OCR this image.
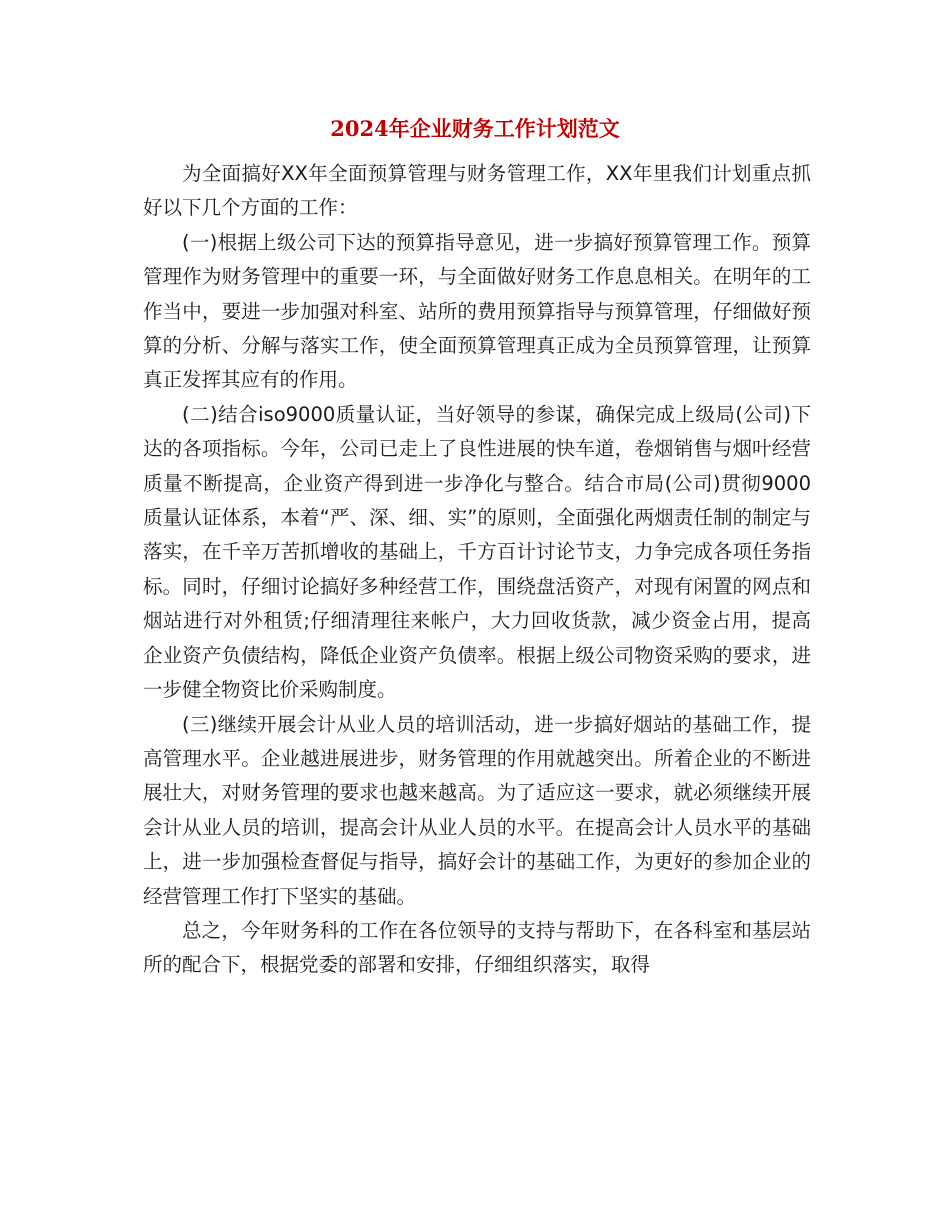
2024年企业财务工作计划范文

为全面搞好XX年全面预算管理与财务管理工作，XX年里我们计划重点抓好以下几个方面的工作：

(一)根据上级公司下达的预算指导意见，进一步搞好预算管理工作。预算管理作为财务管理中的重要一环，与全面做好财务工作息息相关。在明年的工作当中，要进一步加强对科室、站所的费用预算指导与预算管理，仔细做好预算的分析、分解与落实工作，使全面预算管理真正成为全员预算管理，让预算真正发挥其应有的作用。

(二)结合iso9000质量认证，当好领导的参谋，确保完成上级局(公司)下达的各项指标。今年，公司已走上了良性进展的快车道，卷烟销售与烟叶经营质量不断提高，企业资产得到进一步净化与整合。结合市局(公司)贯彻9000质量认证体系，本着“严、深、细、实”的原则，全面强化两烟责任制的制定与落实，在千辛万苦抓增收的基础上，千方百计讨论节支，力争完成各项任务指标。同时，仔细讨论搞好多种经营工作，围绕盘活资产，对现有闲置的网点和烟站进行对外租赁;仔细清理往来帐户，大力回收货款，减少资金占用，提高企业资产负债结构，降低企业资产负债率。根据上级公司物资采购的要求，进一步健全物资比价采购制度。

(三)继续开展会计从业人员的培训活动，进一步搞好烟站的基础工作，提高管理水平。企业越进展进步，财务管理的作用就越突出。所着企业的不断进展壮大，对财务管理的要求也越来越高。为了适应这一要求，就必须继续开展会计从业人员的培训，提高会计从业人员的水平。在提高会计人员水平的基础上，进一步加强检查督促与指导，搞好会计的基础工作，为更好的参加企业的经营管理工作打下坚实的基础。

总之，今年财务科的工作在各位领导的支持与帮助下，在各科室和基层站所的配合下，根据党委的部署和安排，仔细组织落实，取得
